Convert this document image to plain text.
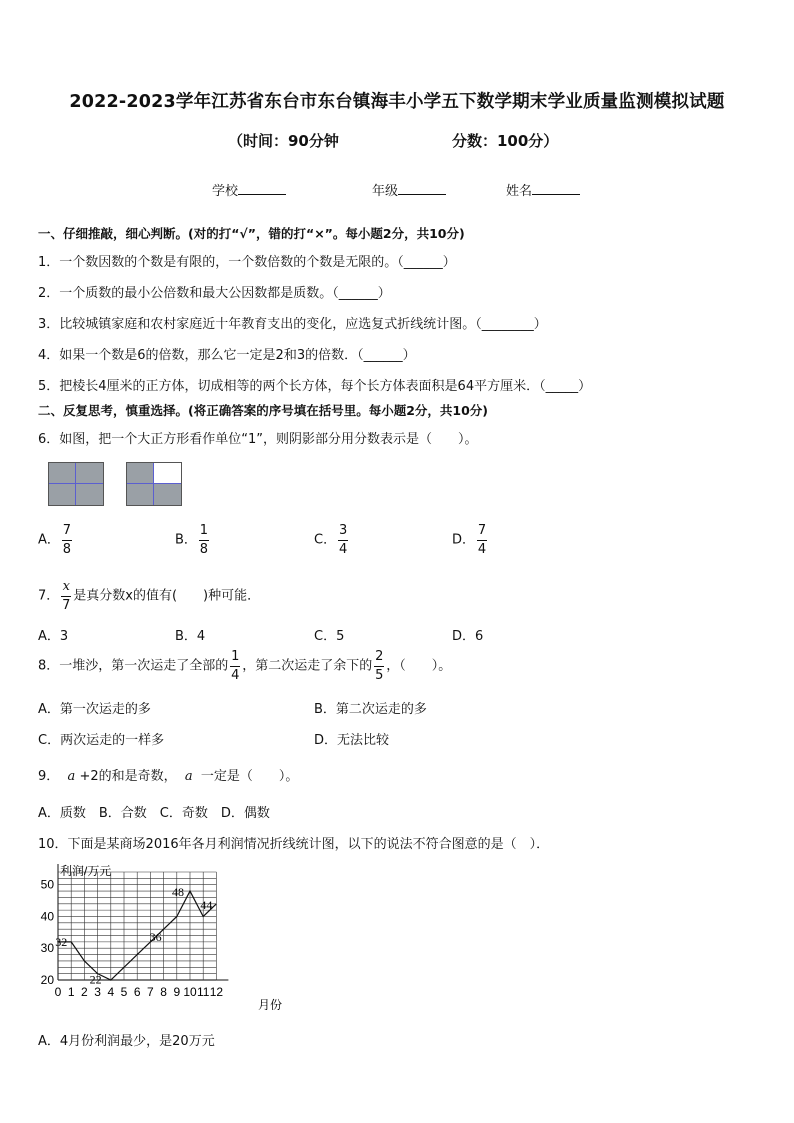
2022-2023学年江苏省东台市东台镇海丰小学五下数学期末学业质量监测模拟试题
（时间：90分钟	分数：100分）
学校	年级	姓名
一、仔细推敲，细心判断。(对的打“√”，错的打“×”。每小题2分，共10分)
1．一个数因数的个数是有限的，一个数倍数的个数是无限的。（______）
2．一个质数的最小公倍数和最大公因数都是质数。（______）
3．比较城镇家庭和农村家庭近十年教育支出的变化，应选复式折线统计图。（________）
4．如果一个数是6的倍数，那么它一定是2和3的倍数．（______）
5．把棱长4厘米的正方体，切成相等的两个长方体，每个长方体表面积是64平方厘米．（_____）
二、反复思考，慎重选择。(将正确答案的序号填在括号里。每小题2分，共10分)
6．如图，把一个大正方形看作单位“1”，则阴影部分用分数表示是（　　）。
A． $\frac{7}{8}$	B． $\frac{1}{8}$	C． $\frac{3}{4}$	D． $\frac{7}{4}$
7． $\frac{x}{7}$ 是真分数x的值有(　　)种可能．
A．3	B．4	C．5	D．6
8．一堆沙，第一次运走了全部的 $\frac{1}{4}$ ，第二次运走了余下的 $\frac{2}{5}$ ，（　　）。
A．第一次运走的多	B．第二次运走的多
C．两次运走的一样多	D．无法比较
9． a +2的和是奇数， a 一定是（　　）。
A．质数　B．合数　C．奇数　D．偶数
10．下面是某商场2016年各月利润情况折线统计图，以下的说法不符合图意的是（　）．
利润/万元
月份
0 1 2 3 4 5 6 7 8 9 10 11 12
20
30
40
50
32
22
36
48
44
A．4月份利润最少，是20万元
